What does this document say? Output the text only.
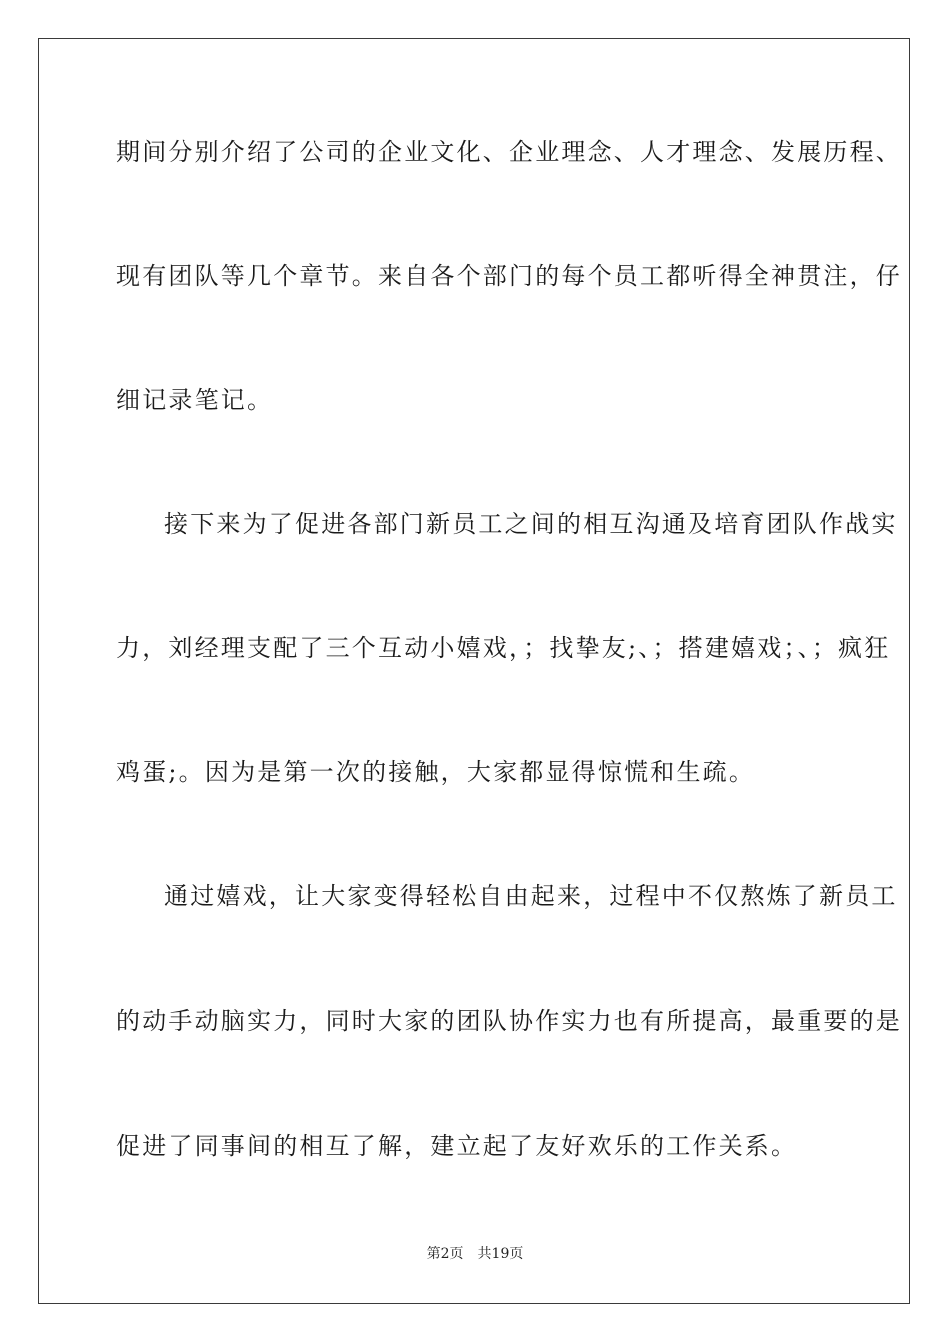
期间分别介绍了公司的企业文化、企业理念、人才理念、发展历程、
现有团队等几个章节。来自各个部门的每个员工都听得全神贯注，仔
细记录笔记。
接下来为了促进各部门新员工之间的相互沟通及培育团队作战实
力，刘经理支配了三个互动小嬉戏，；找挚友;、；搭建嬉戏；、；疯狂
鸡蛋;。因为是第一次的接触，大家都显得惊慌和生疏。
通过嬉戏，让大家变得轻松自由起来，过程中不仅熬炼了新员工
的动手动脑实力，同时大家的团队协作实力也有所提高，最重要的是
促进了同事间的相互了解，建立起了友好欢乐的工作关系。
第2页 共19页
